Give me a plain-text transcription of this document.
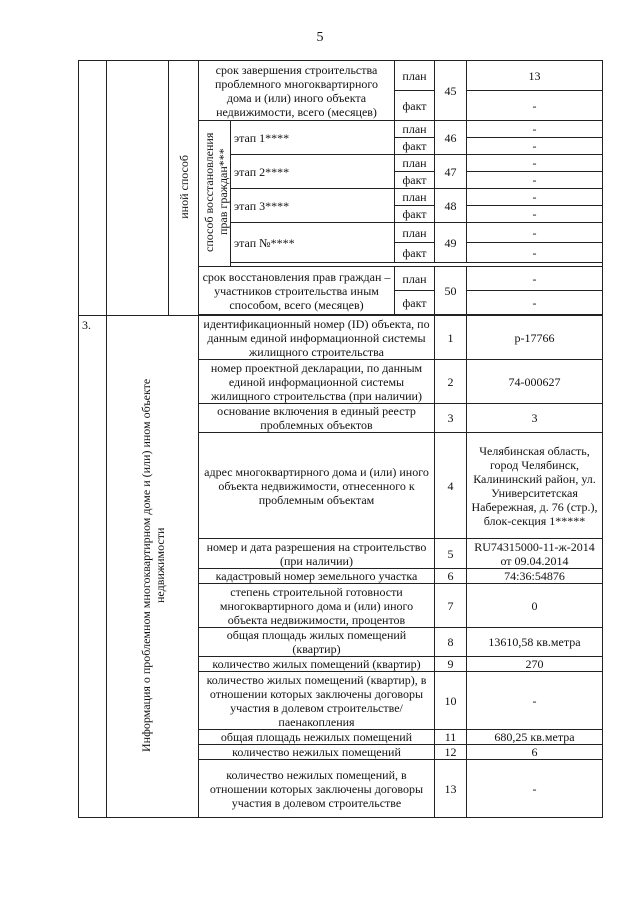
5
		иной способ	срок завершения строительства проблемного многоквартирного дома и (или) иного объекта недвижимости, всего (месяцев)		план	45	13
					факт		-
			способ восстановления прав граждан***	этап 1****	план	46	-
					факт		-
				этап 2****	план	47	-
					факт		-
				этап 3****	план	48	-
					факт		-
				этап №****	план	49	-
					факт		-

			срок восстановления прав граждан – участников строительства иным способом, всего (месяцев)		план	50	-
					факт		-

3.	Информация о проблемном многоквартирном доме и (или) ином объекте недвижимости		идентификационный номер (ID) объекта, по данным единой информационной системы жилищного строительства			1	р-17766
			номер проектной декларации, по данным единой информационной системы жилищного строительства (при наличии)			2	74-000627
			основание включения в единый реестр проблемных объектов			3	3
			адрес многоквартирного дома и (или) иного объекта недвижимости, отнесенного к проблемным объектам			4	Челябинская область, город Челябинск, Калининский район, ул. Университетская Набережная, д. 76 (стр.), блок-секция 1*****
			номер и дата разрешения на строительство (при наличии)			5	RU74315000-11-ж-2014 от 09.04.2014
			кадастровый номер земельного участка			6	74:36:54876
			степень строительной готовности многоквартирного дома и (или) иного объекта недвижимости, процентов			7	0
			общая площадь жилых помещений (квартир)			8	13610,58 кв.метра
			количество жилых помещений (квартир)			9	270
			количество жилых помещений (квартир), в отношении которых заключены договоры участия в долевом строительстве/паенакопления			10	-
			общая площадь нежилых помещений			11	680,25 кв.метра
			количество нежилых помещений			12	6
			количество нежилых помещений, в отношении которых заключены договоры участия в долевом строительстве			13	-
